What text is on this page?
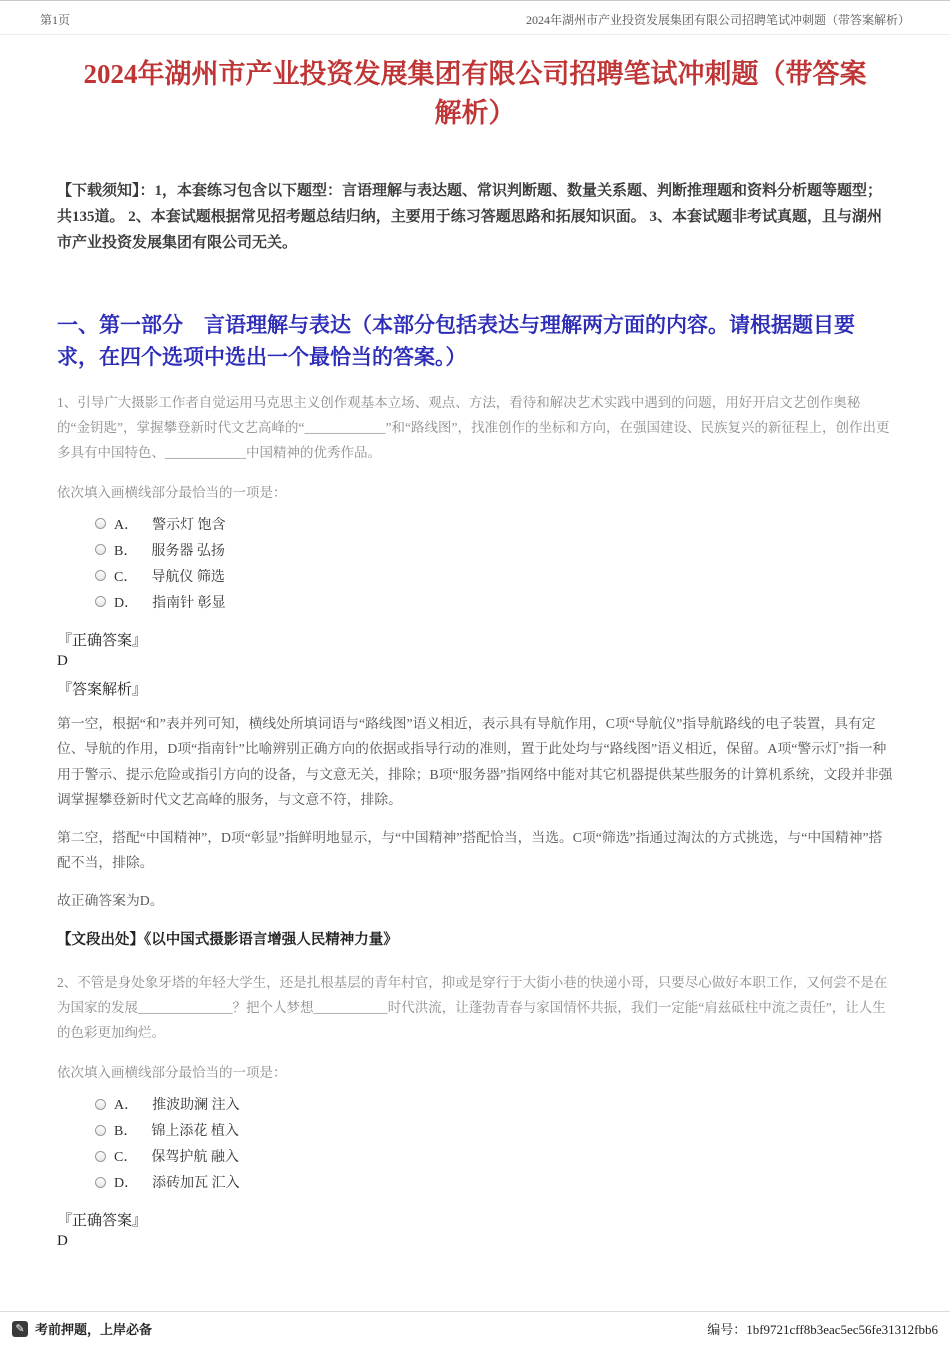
第1页	2024年湖州市产业投资发展集团有限公司招聘笔试冲刺题（带答案解析）
2024年湖州市产业投资发展集团有限公司招聘笔试冲刺题（带答案解析）

【下载须知】：1，本套练习包含以下题型：言语理解与表达题、常识判断题、数量关系题、判断推理题和资料分析题等题型；共135道。 2、本套试题根据常见招考题总结归纳，主要用于练习答题思路和拓展知识面。 3、本套试题非考试真题，且与湖州市产业投资发展集团有限公司无关。

一、第一部分　言语理解与表达（本部分包括表达与理解两方面的内容。请根据题目要求，在四个选项中选出一个最恰当的答案。）

1、引导广大摄影工作者自觉运用马克思主义创作观基本立场、观点、方法，看待和解决艺术实践中遇到的问题，用好开启文艺创作奥秘的“金钥匙”，掌握攀登新时代文艺高峰的“____________”和“路线图”，找准创作的坐标和方向，在强国建设、民族复兴的新征程上，创作出更多具有中国特色、____________中国精神的优秀作品。

依次填入画横线部分最恰当的一项是：

A． 警示灯 饱含
B． 服务器 弘扬
C． 导航仪 筛选
D． 指南针 彰显

『正确答案』

D

『答案解析』

第一空，根据“和”表并列可知，横线处所填词语与“路线图”语义相近，表示具有导航作用，C项“导航仪”指导航路线的电子装置，具有定位、导航的作用，D项“指南针”比喻辨别正确方向的依据或指导行动的准则，置于此处均与“路线图”语义相近，保留。A项“警示灯”指一种用于警示、提示危险或指引方向的设备，与文意无关，排除；B项“服务器”指网络中能对其它机器提供某些服务的计算机系统，文段并非强调掌握攀登新时代文艺高峰的服务，与文意不符，排除。

第二空，搭配“中国精神”，D项“彰显”指鲜明地显示，与“中国精神”搭配恰当，当选。C项“筛选”指通过淘汰的方式挑选，与“中国精神”搭配不当，排除。

故正确答案为D。

【文段出处】《以中国式摄影语言增强人民精神力量》

2、不管是身处象牙塔的年轻大学生，还是扎根基层的青年村官，抑或是穿行于大街小巷的快递小哥，只要尽心做好本职工作，又何尝不是在为国家的发展______________？把个人梦想___________时代洪流，让蓬勃青春与家国情怀共振，我们一定能“肩兹砥柱中流之责任”，让人生的色彩更加绚烂。

依次填入画横线部分最恰当的一项是：

A． 推波助澜 注入
B． 锦上添花 植入
C． 保驾护航 融入
D． 添砖加瓦 汇入

『正确答案』

D

✎ 考前押题，上岸必备	编号：1bf9721cff8b3eac5ec56fe31312fbb6
